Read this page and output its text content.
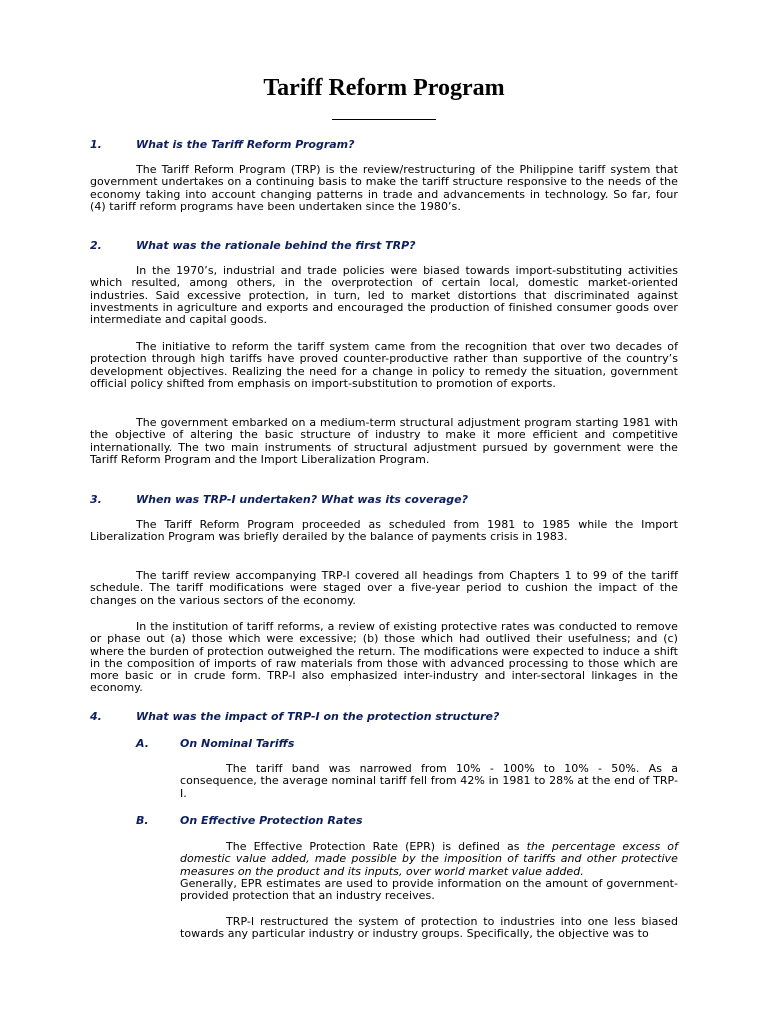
Tariff Reform Program
1.	What is the Tariff Reform Program?

The Tariff Reform Program (TRP) is the review/restructuring of the Philippine tariff system that government undertakes on a continuing basis to make the tariff structure responsive to the needs of the economy taking into account changing patterns in trade and advancements in technology. So far, four (4) tariff reform programs have been undertaken since the 1980’s.

2.	What was the rationale behind the first TRP?

In the 1970’s, industrial and trade policies were biased towards import-substituting activities which resulted, among others, in the overprotection of certain local, domestic market-oriented industries. Said excessive protection, in turn, led to market distortions that discriminated against investments in agriculture and exports and encouraged the production of finished consumer goods over intermediate and capital goods.

The initiative to reform the tariff system came from the recognition that over two decades of protection through high tariffs have proved counter-productive rather than supportive of the country’s development objectives. Realizing the need for a change in policy to remedy the situation, government official policy shifted from emphasis on import-substitution to promotion of exports.

The government embarked on a medium-term structural adjustment program starting 1981 with the objective of altering the basic structure of industry to make it more efficient and competitive internationally. The two main instruments of structural adjustment pursued by government were the Tariff Reform Program and the Import Liberalization Program.

3.	When was TRP-I undertaken? What was its coverage?

The Tariff Reform Program proceeded as scheduled from 1981 to 1985 while the Import Liberalization Program was briefly derailed by the balance of payments crisis in 1983.

The tariff review accompanying TRP-I covered all headings from Chapters 1 to 99 of the tariff schedule. The tariff modifications were staged over a five-year period to cushion the impact of the changes on the various sectors of the economy.

In the institution of tariff reforms, a review of existing protective rates was conducted to remove or phase out (a) those which were excessive; (b) those which had outlived their usefulness; and (c) where the burden of protection outweighed the return. The modifications were expected to induce a shift in the composition of imports of raw materials from those with advanced processing to those which are more basic or in crude form. TRP-I also emphasized inter-industry and inter-sectoral linkages in the economy.

4.	What was the impact of TRP-I on the protection structure?
A.	On Nominal Tariffs

The tariff band was narrowed from 10% - 100% to 10% - 50%. As a consequence, the average nominal tariff fell from 42% in 1981 to 28% at the end of TRP-I.

B.	On Effective Protection Rates

The Effective Protection Rate (EPR) is defined as the percentage excess of domestic value added, made possible by the imposition of tariffs and other protective measures on the product and its inputs, over world market value added.

Generally, EPR estimates are used to provide information on the amount of government-provided protection that an industry receives.

TRP-I restructured the system of protection to industries into one less biased towards any particular industry or industry groups. Specifically, the objective was to
